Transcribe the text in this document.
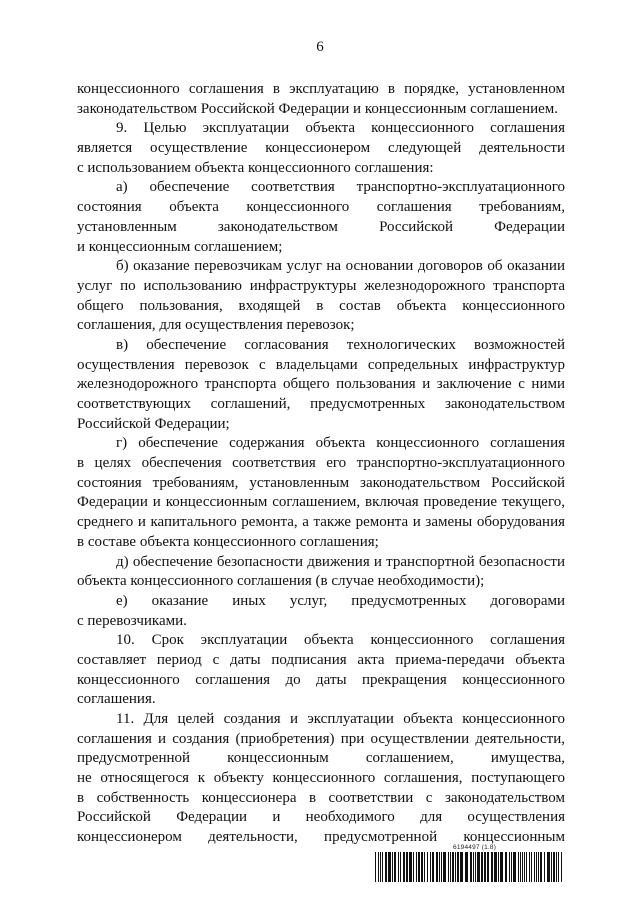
6
концессионного соглашения в эксплуатацию в порядке, установленном
законодательством Российской Федерации и концессионным соглашением.
9. Целью эксплуатации объекта концессионного соглашения
является осуществление концессионером следующей деятельности
с использованием объекта концессионного соглашения:
а) обеспечение соответствия транспортно-эксплуатационного
состояния объекта концессионного соглашения требованиям,
установленным законодательством Российской Федерации
и концессионным соглашением;
б) оказание перевозчикам услуг на основании договоров об оказании
услуг по использованию инфраструктуры железнодорожного транспорта
общего пользования, входящей в состав объекта концессионного
соглашения, для осуществления перевозок;
в) обеспечение согласования технологических возможностей
осуществления перевозок с владельцами сопредельных инфраструктур
железнодорожного транспорта общего пользования и заключение с ними
соответствующих соглашений, предусмотренных законодательством
Российской Федерации;
г) обеспечение содержания объекта концессионного соглашения
в целях обеспечения соответствия его транспортно-эксплуатационного
состояния требованиям, установленным законодательством Российской
Федерации и концессионным соглашением, включая проведение текущего,
среднего и капитального ремонта, а также ремонта и замены оборудования
в составе объекта концессионного соглашения;
д) обеспечение безопасности движения и транспортной безопасности
объекта концессионного соглашения (в случае необходимости);
е) оказание иных услуг, предусмотренных договорами
с перевозчиками.
10. Срок эксплуатации объекта концессионного соглашения
составляет период с даты подписания акта приема-передачи объекта
концессионного соглашения до даты прекращения концессионного
соглашения.
11. Для целей создания и эксплуатации объекта концессионного
соглашения и создания (приобретения) при осуществлении деятельности,
предусмотренной концессионным соглашением, имущества,
не относящегося к объекту концессионного соглашения, поступающего
в собственность концессионера в соответствии с законодательством
Российской Федерации и необходимого для осуществления
концессионером деятельности, предусмотренной концессионным
6194497 (1.8)
